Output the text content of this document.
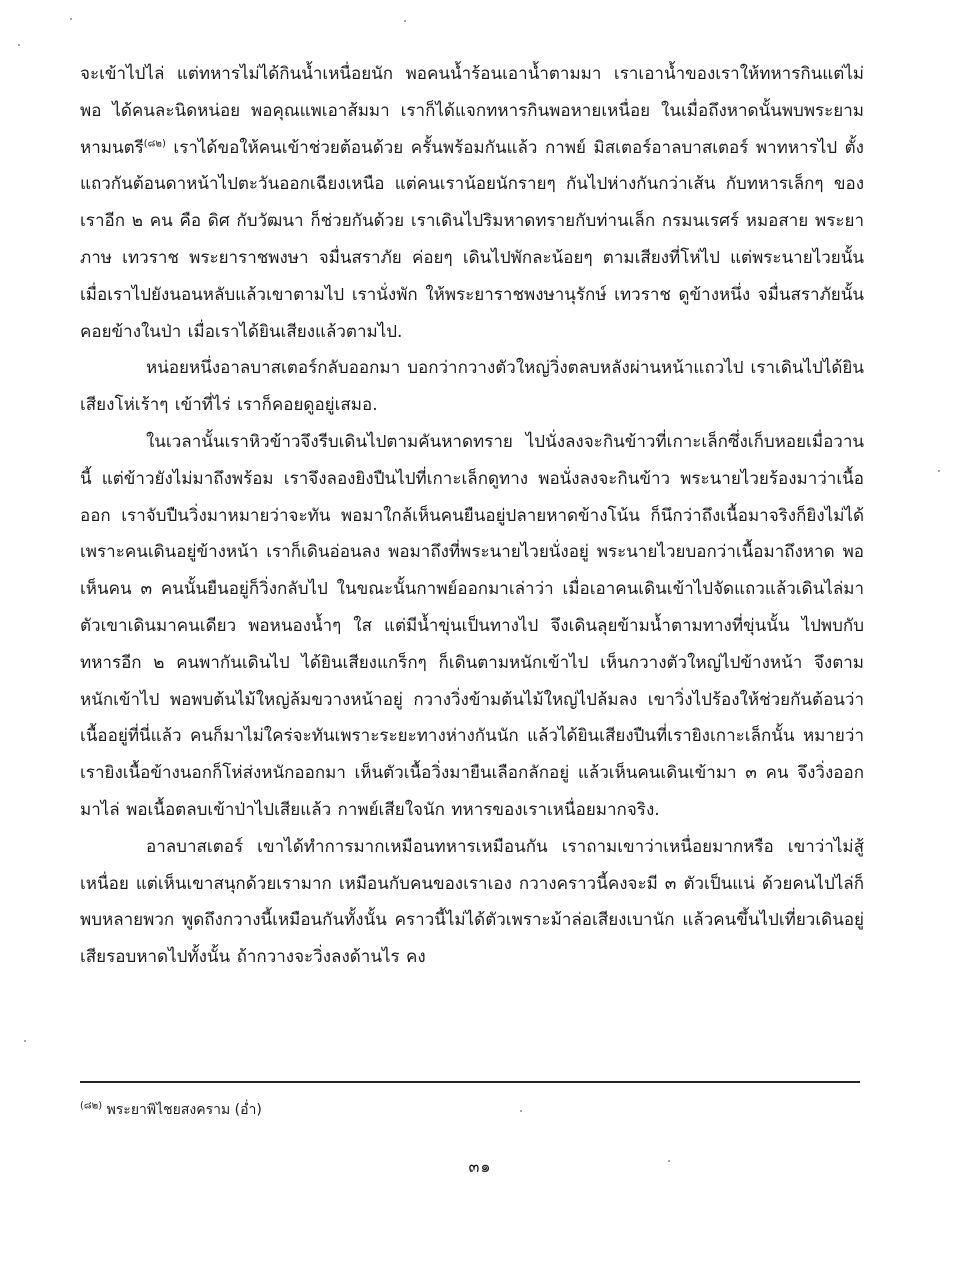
จะเข้าไปไล่ แต่ทหารไม่ได้กินน้ำเหนื่อยนัก พอคนน้ำร้อนเอาน้ำตามมา เราเอาน้ำของเราให้ทหารกินแต่ไม่พอ ได้คนละนิดหน่อย พอคุณแพเอาส้มมา เราก็ได้แจกทหารกินพอหายเหนื่อย ในเมื่อถึงหาดนั้นพบพระยามหามนตรี$^{(๘๒)}$ เราได้ขอให้คนเข้าช่วยต้อนด้วย ครั้นพร้อมกันแล้ว กาพย์ มิสเตอร์อาลบาสเตอร์ พาทหารไป ตั้งแถวกันต้อนดาหน้าไปตะวันออกเฉียงเหนือ แต่คนเราน้อยนักรายๆ กันไปห่างกันกว่าเส้น กับทหารเล็กๆ ของเราอีก ๒ คน คือ ดิศ กับวัฒนา ก็ช่วยกันด้วย เราเดินไปริมหาดทรายกับท่านเล็ก กรมนเรศร์ หมอสาย พระยาภาษ เทวราช พระยาราชพงษา จมื่นสราภัย ค่อยๆ เดินไปพักละน้อยๆ ตามเสียงที่โห่ไป แต่พระนายไวยนั้น เมื่อเราไปยังนอนหลับแล้วเขาตามไป เรานั่งพัก ให้พระยาราชพงษานุรักษ์ เทวราช ดูข้างหนึ่ง จมื่นสราภัยนั้นคอยข้างในป่า เมื่อเราได้ยินเสียงแล้วตามไป.

หน่อยหนึ่งอาลบาสเตอร์กลับออกมา บอกว่ากวางตัวใหญ่วิ่งตลบหลังผ่านหน้าแถวไป เราเดินไปได้ยินเสียงโห่เร้าๆ เข้าที่ไร่ เราก็คอยดูอยู่เสมอ.

ในเวลานั้นเราหิวข้าวจึงรีบเดินไปตามคันหาดทราย ไปนั่งลงจะกินข้าวที่เกาะเล็กซึ่งเก็บหอยเมื่อวานนี้ แต่ข้าวยังไม่มาถึงพร้อม เราจึงลองยิงปืนไปที่เกาะเล็กดูทาง พอนั่งลงจะกินข้าว พระนายไวยร้องมาว่าเนื้อออก เราจับปืนวิ่งมาหมายว่าจะทัน พอมาใกล้เห็นคนยืนอยู่ปลายหาดข้างโน้น ก็นึกว่าถึงเนื้อมาจริงก็ยิงไม่ได้ เพราะคนเดินอยู่ข้างหน้า เราก็เดินอ่อนลง พอมาถึงที่พระนายไวยนั่งอยู่ พระนายไวยบอกว่าเนื้อมาถึงหาด พอเห็นคน ๓ คนนั้นยืนอยู่ก็วิ่งกลับไป ในขณะนั้นกาพย์ออกมาเล่าว่า เมื่อเอาคนเดินเข้าไปจัดแถวแล้วเดินไล่มา ตัวเขาเดินมาคนเดียว พอหนองน้ำๆ ใส แต่มีน้ำขุ่นเป็นทางไป จึงเดินลุยข้ามน้ำตามทางที่ขุ่นนั้น ไปพบกับทหารอีก ๒ คนพากันเดินไป ได้ยินเสียงแกร็กๆ ก็เดินตามหนักเข้าไป เห็นกวางตัวใหญ่ไปข้างหน้า จึงตามหนักเข้าไป พอพบต้นไม้ใหญ่ล้มขวางหน้าอยู่ กวางวิ่งข้ามต้นไม้ใหญ่ไปล้มลง เขาวิ่งไปร้องให้ช่วยกันต้อนว่า เนื้ออยู่ที่นี่แล้ว คนก็มาไม่ใคร่จะทันเพราะระยะทางห่างกันนัก แล้วได้ยินเสียงปืนที่เรายิงเกาะเล็กนั้น หมายว่าเรายิงเนื้อข้างนอกก็โห่ส่งหนักออกมา เห็นตัวเนื้อวิ่งมายืนเลือกลักอยู่ แล้วเห็นคนเดินเข้ามา ๓ คน จึงวิ่งออกมาไล่ พอเนื้อตลบเข้าป่าไปเสียแล้ว กาพย์เสียใจนัก ทหารของเราเหนื่อยมากจริง.

อาลบาสเตอร์ เขาได้ทำการมากเหมือนทหารเหมือนกัน เราถามเขาว่าเหนื่อยมากหรือ เขาว่าไม่สู้เหนื่อย แต่เห็นเขาสนุกด้วยเรามาก เหมือนกับคนของเราเอง กวางคราวนี้คงจะมี ๓ ตัวเป็นแน่ ด้วยคนไปไล่ก็พบหลายพวก พูดถึงกวางนี้เหมือนกันทั้งนั้น คราวนี้ไม่ได้ตัวเพราะม้าล่อเสียงเบานัก แล้วคนขึ้นไปเที่ยวเดินอยู่เสียรอบหาดไปทั้งนั้น ถ้ากวางจะวิ่งลงด้านไร คง

$^{(๘๒)}$ พระยาพิไชยสงคราม (อ่ำ)
๓๑
